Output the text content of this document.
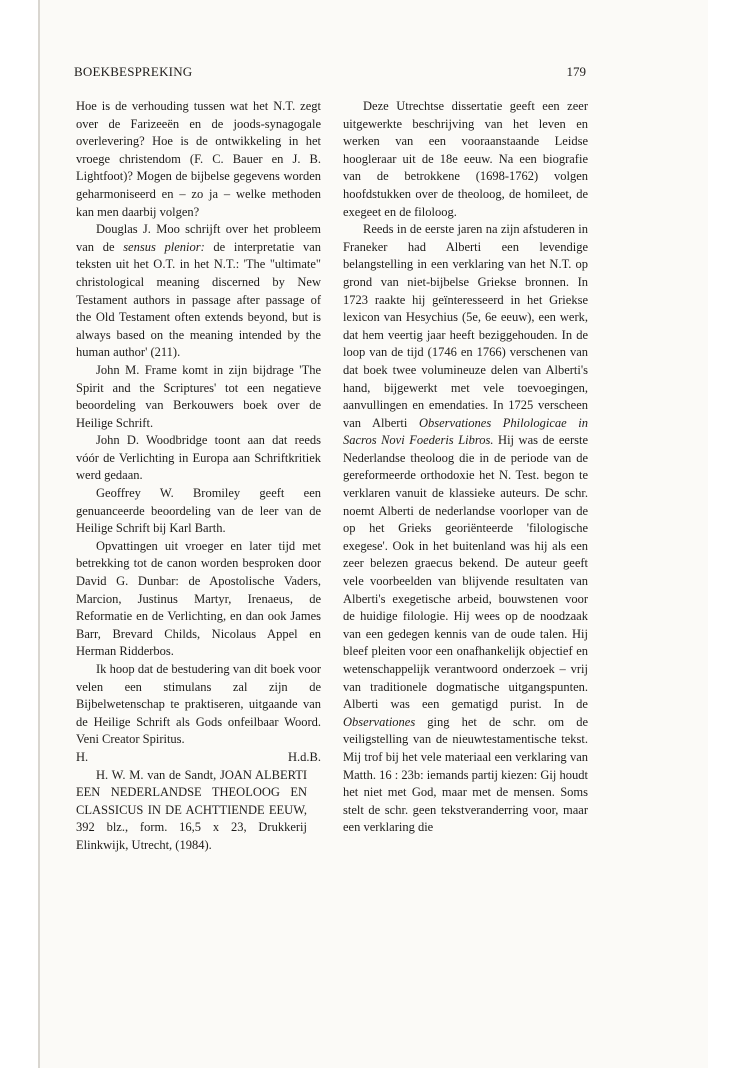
BOEKBESPREKING	179

Hoe is de verhouding tussen wat het N.T. zegt over de Farizeeën en de joods-synagogale overlevering? Hoe is de ontwikkeling in het vroege christendom (F. C. Bauer en J. B. Lightfoot)? Mogen de bijbelse gegevens worden geharmoniseerd en – zo ja – welke methoden kan men daarbij volgen?

Douglas J. Moo schrijft over het probleem van de sensus plenior: de interpretatie van teksten uit het O.T. in het N.T.: 'The "ultimate" christological meaning discerned by New Testament authors in passage after passage of the Old Testament often extends beyond, but is always based on the meaning intended by the human author' (211).

John M. Frame komt in zijn bijdrage 'The Spirit and the Scriptures' tot een negatieve beoordeling van Berkouwers boek over de Heilige Schrift.

John D. Woodbridge toont aan dat reeds vóór de Verlichting in Europa aan Schriftkritiek werd gedaan.

Geoffrey W. Bromiley geeft een genuanceerde beoordeling van de leer van de Heilige Schrift bij Karl Barth.

Opvattingen uit vroeger en later tijd met betrekking tot de canon worden besproken door David G. Dunbar: de Apostolische Vaders, Marcion, Justinus Martyr, Irenaeus, de Reformatie en de Verlichting, en dan ook James Barr, Brevard Childs, Nicolaus Appel en Herman Ridderbos.

Ik hoop dat de bestudering van dit boek voor velen een stimulans zal zijn de Bijbelwetenschap te praktiseren, uitgaande van de Heilige Schrift als Gods onfeilbaar Woord. Veni Creator Spiritus.

H.	H.d.B.

H. W. M. van de Sandt, JOAN ALBERTI EEN NEDERLANDSE THEOLOOG EN CLASSICUS IN DE ACHTTIENDE EEUW, 392 blz., form. 16,5 x 23, Drukkerij Elinkwijk, Utrecht, (1984).

Deze Utrechtse dissertatie geeft een zeer uitgewerkte beschrijving van het leven en werken van een vooraanstaande Leidse hoogleraar uit de 18e eeuw. Na een biografie van de betrokkene (1698-1762) volgen hoofdstukken over de theoloog, de homileet, de exegeet en de filoloog.

Reeds in de eerste jaren na zijn afstuderen in Franeker had Alberti een levendige belangstelling in een verklaring van het N.T. op grond van niet-bijbelse Griekse bronnen. In 1723 raakte hij geïnteresseerd in het Griekse lexicon van Hesychius (5e, 6e eeuw), een werk, dat hem veertig jaar heeft beziggehouden. In de loop van de tijd (1746 en 1766) verschenen van dat boek twee volumineuze delen van Alberti's hand, bijgewerkt met vele toevoegingen, aanvullingen en emendaties. In 1725 verscheen van Alberti Observationes Philologicae in Sacros Novi Foederis Libros. Hij was de eerste Nederlandse theoloog die in de periode van de gereformeerde orthodoxie het N. Test. begon te verklaren vanuit de klassieke auteurs. De schr. noemt Alberti de nederlandse voorloper van de op het Grieks georiënteerde 'filologische exegese'. Ook in het buitenland was hij als een zeer belezen graecus bekend. De auteur geeft vele voorbeelden van blijvende resultaten van Alberti's exegetische arbeid, bouwstenen voor de huidige filologie. Hij wees op de noodzaak van een gedegen kennis van de oude talen. Hij bleef pleiten voor een onafhankelijk objectief en wetenschappelijk verantwoord onderzoek – vrij van traditionele dogmatische uitgangspunten. Alberti was een gematigd purist. In de Observationes ging het de schr. om de veiligstelling van de nieuwtestamentische tekst. Mij trof bij het vele materiaal een verklaring van Matth. 16 : 23b: iemands partij kiezen: Gij houdt het niet met God, maar met de mensen. Soms stelt de schr. geen tekstveranderring voor, maar een verklaring die
